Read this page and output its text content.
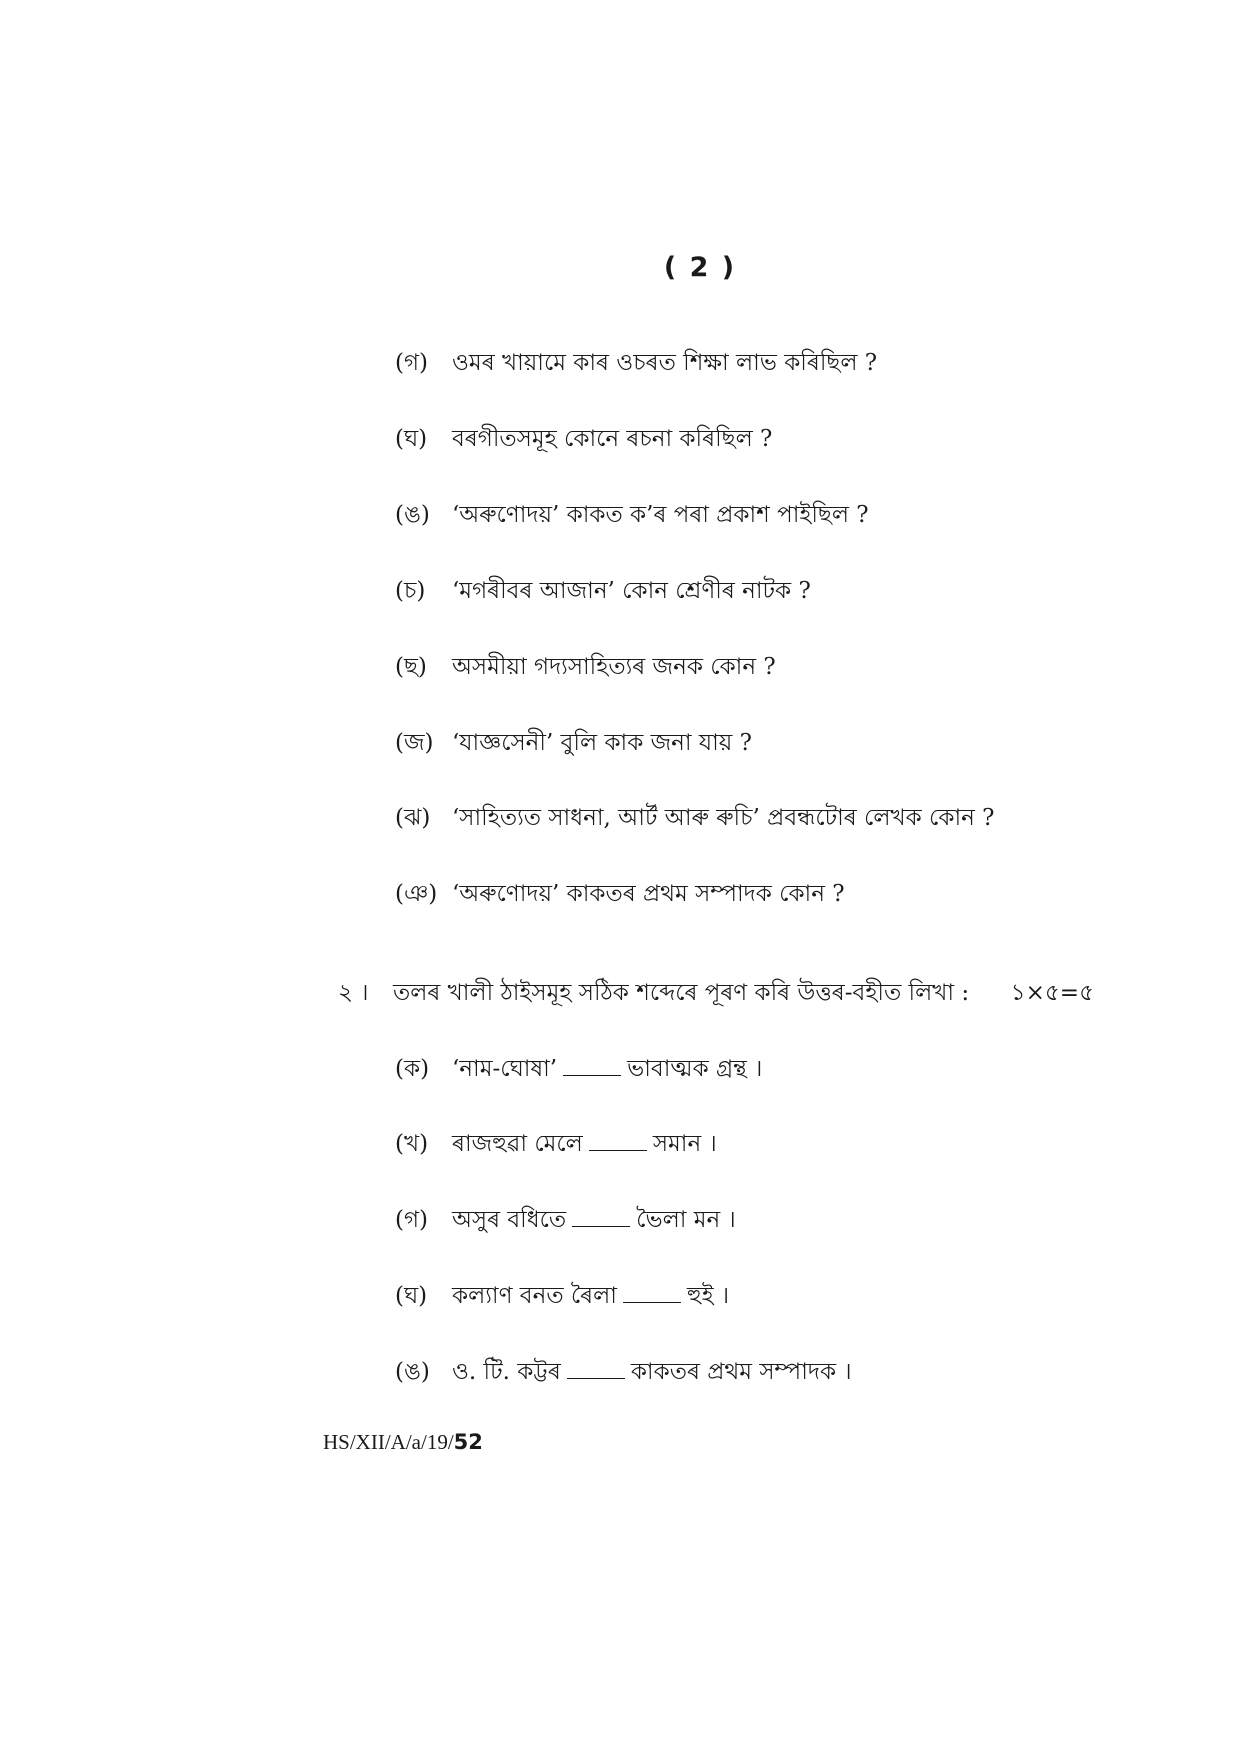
( 2 )
(গ) ওমৰ খায়ামে কাৰ ওচৰত শিক্ষা লাভ কৰিছিল ?
(ঘ) বৰগীতসমূহ কোনে ৰচনা কৰিছিল ?
(ঙ) ‘অৰুণোদয়’ কাকত ক’ৰ পৰা প্ৰকাশ পাইছিল ?
(চ) ‘মগৰীবৰ আজান’ কোন শ্ৰেণীৰ নাটক ?
(ছ) অসমীয়া গদ্যসাহিত্যৰ জনক কোন ?
(জ) ‘যাজ্ঞসেনী’ বুলি কাক জনা যায় ?
(ঝ) ‘সাহিত্যত সাধনা, আৰ্ট আৰু ৰুচি’ প্ৰবন্ধটোৰ লেখক কোন ?
(ঞ) ‘অৰুণোদয়’ কাকতৰ প্ৰথম সম্পাদক কোন ?
২ । তলৰ খালী ঠাইসমূহ সঠিক শব্দেৰে পূৰণ কৰি উত্তৰ-বহীত লিখা : ১×৫=৫
(ক) ‘নাম-ঘোষা’	ভাবাত্মক গ্ৰন্থ ।
(খ) ৰাজহুৱা মেলে	সমান ।
(গ) অসুৰ বধিতে	ভৈলা মন ।
(ঘ) কল্যাণ বনত ৰৈলা	হুই ।
(ঙ) ও. টি. কট্টৰ	কাকতৰ প্ৰথম সম্পাদক ।
HS/XII/A/a/19/52
